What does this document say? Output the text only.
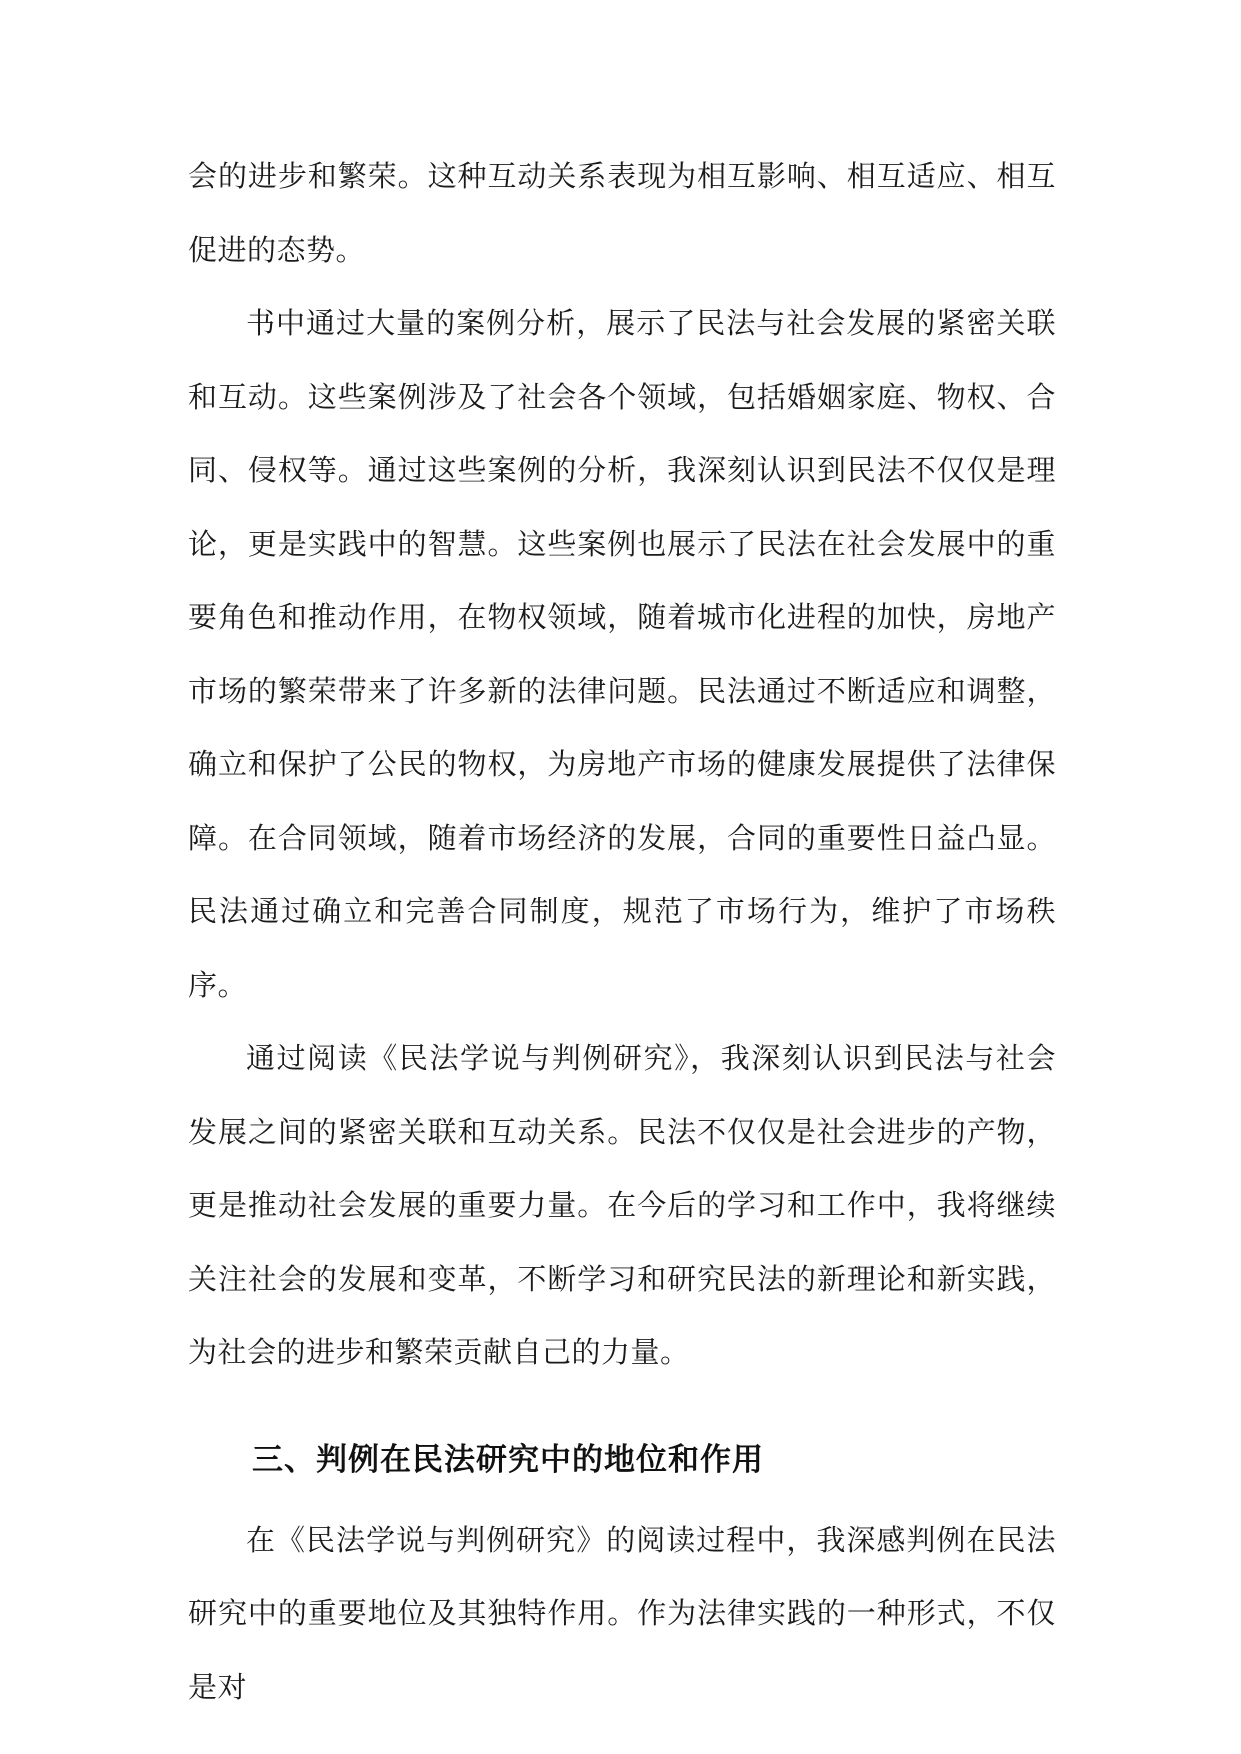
会的进步和繁荣。这种互动关系表现为相互影响、相互适应、相互促进的态势。

书中通过大量的案例分析，展示了民法与社会发展的紧密关联和互动。这些案例涉及了社会各个领域，包括婚姻家庭、物权、合同、侵权等。通过这些案例的分析，我深刻认识到民法不仅仅是理论，更是实践中的智慧。这些案例也展示了民法在社会发展中的重要角色和推动作用，在物权领域，随着城市化进程的加快，房地产市场的繁荣带来了许多新的法律问题。民法通过不断适应和调整，确立和保护了公民的物权，为房地产市场的健康发展提供了法律保障。在合同领域，随着市场经济的发展，合同的重要性日益凸显。民法通过确立和完善合同制度，规范了市场行为，维护了市场秩序。

通过阅读《民法学说与判例研究》，我深刻认识到民法与社会发展之间的紧密关联和互动关系。民法不仅仅是社会进步的产物，更是推动社会发展的重要力量。在今后的学习和工作中，我将继续关注社会的发展和变革，不断学习和研究民法的新理论和新实践，为社会的进步和繁荣贡献自己的力量。

三、判例在民法研究中的地位和作用

在《民法学说与判例研究》的阅读过程中，我深感判例在民法研究中的重要地位及其独特作用。作为法律实践的一种形式，不仅是对
